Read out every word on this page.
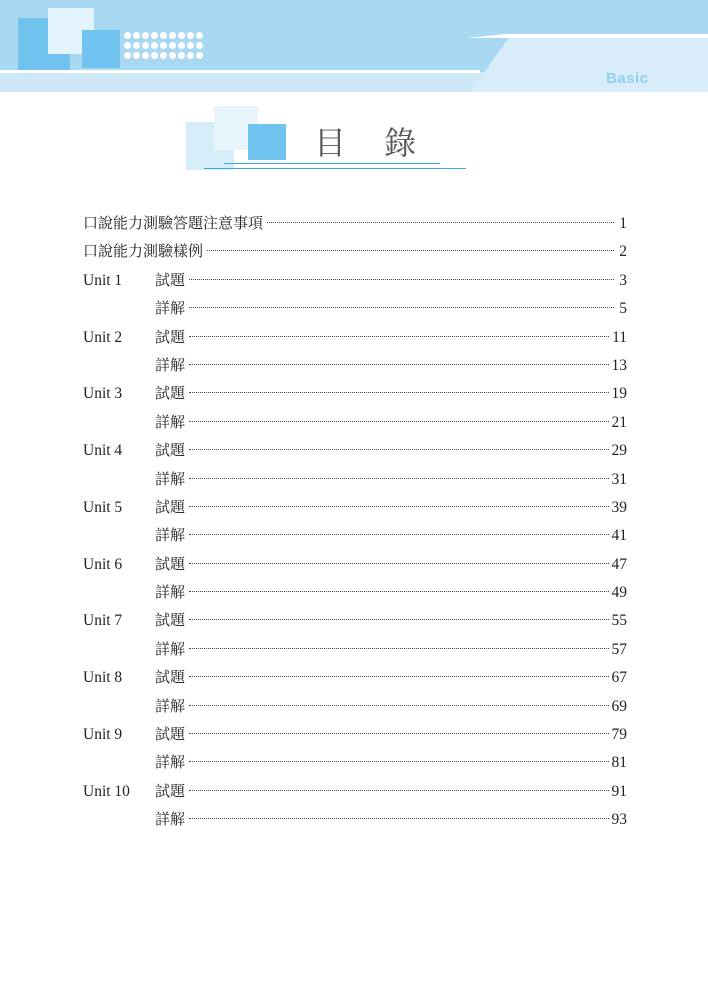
Basic
目 錄
口說能力測驗答題注意事項	1
口說能力測驗樣例	2
Unit 1	試題	3
詳解	5
Unit 2	試題	11
詳解	13
Unit 3	試題	19
詳解	21
Unit 4	試題	29
詳解	31
Unit 5	試題	39
詳解	41
Unit 6	試題	47
詳解	49
Unit 7	試題	55
詳解	57
Unit 8	試題	67
詳解	69
Unit 9	試題	79
詳解	81
Unit 10	試題	91
詳解	93
